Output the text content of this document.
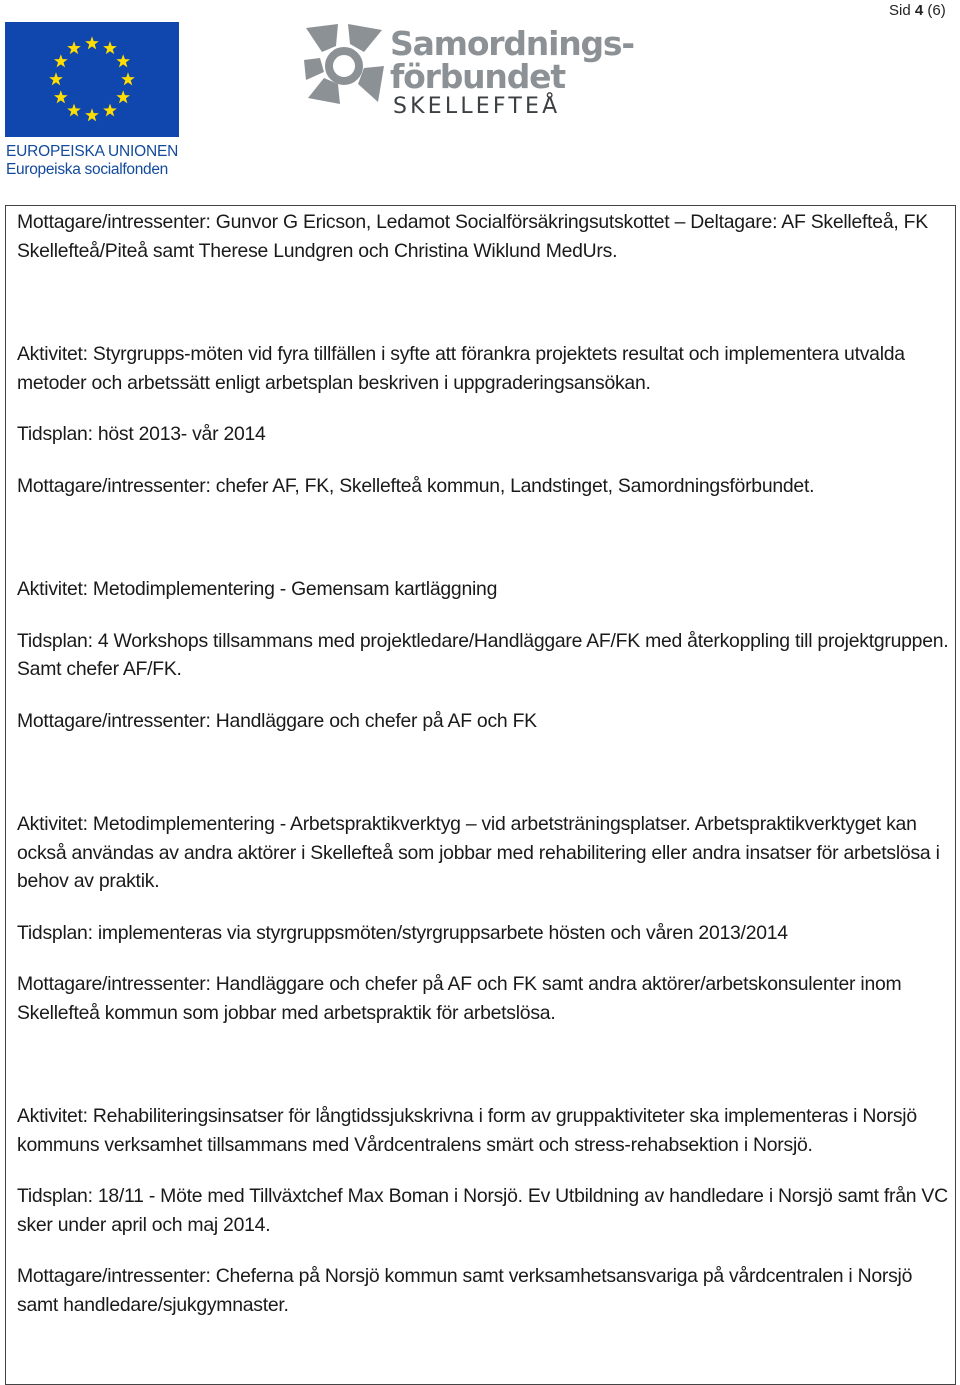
Sid 4 (6)
EUROPEISKA UNIONEN
Europeiska socialfonden
Samordnings-
förbundet
SKELLEFTEÅ

Mottagare/intressenter: Gunvor G Ericson, Ledamot Socialförsäkringsutskottet – Deltagare: AF Skellefteå, FK Skellefteå/Piteå samt Therese Lundgren och Christina Wiklund MedUrs.

Aktivitet: Styrgrupps-möten vid fyra tillfällen i syfte att förankra projektets resultat och implementera utvalda metoder och arbetssätt enligt arbetsplan beskriven i uppgraderingsansökan.

Tidsplan: höst 2013- vår 2014

Mottagare/intressenter: chefer AF, FK, Skellefteå kommun, Landstinget, Samordningsförbundet.

Aktivitet: Metodimplementering - Gemensam kartläggning

Tidsplan: 4 Workshops tillsammans med projektledare/Handläggare AF/FK med återkoppling till projektgruppen. Samt chefer AF/FK.

Mottagare/intressenter: Handläggare och chefer på AF och FK

Aktivitet: Metodimplementering - Arbetspraktikverktyg – vid arbetsträningsplatser. Arbetspraktikverktyget kan också användas av andra aktörer i Skellefteå som jobbar med rehabilitering eller andra insatser för arbetslösa i behov av praktik.

Tidsplan: implementeras via styrgruppsmöten/styrgruppsarbete hösten och våren 2013/2014

Mottagare/intressenter: Handläggare och chefer på AF och FK samt andra aktörer/arbetskonsulenter inom Skellefteå kommun som jobbar med arbetspraktik för arbetslösa.

Aktivitet: Rehabiliteringsinsatser för långtidssjukskrivna i form av gruppaktiviteter ska implementeras i Norsjö kommuns verksamhet tillsammans med Vårdcentralens smärt och stress-rehabsektion i Norsjö.

Tidsplan: 18/11 - Möte med Tillväxtchef Max Boman i Norsjö. Ev Utbildning av handledare i Norsjö samt från VC sker under april och maj 2014.

Mottagare/intressenter: Cheferna på Norsjö kommun samt verksamhetsansvariga på vårdcentralen i Norsjö samt handledare/sjukgymnaster.
